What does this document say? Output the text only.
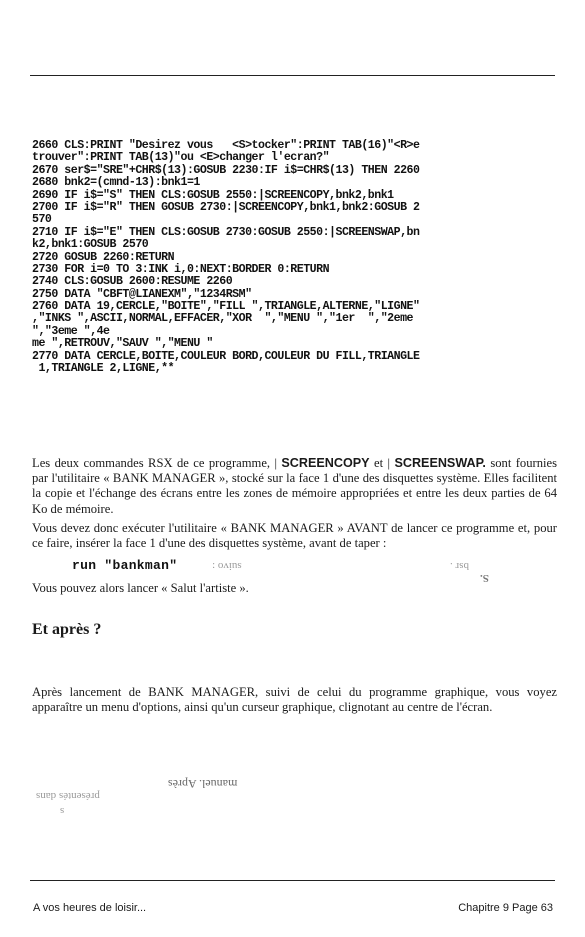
2660 CLS:PRINT "Desirez vous   <S>tocker":PRINT TAB(16)"<R>e
trouver":PRINT TAB(13)"ou <E>changer l'ecran?"
2670 ser$="SRE"+CHR$(13):GOSUB 2230:IF i$=CHR$(13) THEN 2260
2680 bnk2=(cmnd-13):bnk1=1
2690 IF i$="S" THEN CLS:GOSUB 2550:|SCREENCOPY,bnk2,bnk1
2700 IF i$="R" THEN GOSUB 2730:|SCREENCOPY,bnk1,bnk2:GOSUB 2
570
2710 IF i$="E" THEN CLS:GOSUB 2730:GOSUB 2550:|SCREENSWAP,bn
k2,bnk1:GOSUB 2570
2720 GOSUB 2260:RETURN
2730 FOR i=0 TO 3:INK i,0:NEXT:BORDER 0:RETURN
2740 CLS:GOSUB 2600:RESUME 2260
2750 DATA "CBFT@LIANEXM","1234RSM"
2760 DATA 19,CERCLE,"BOITE","FILL ",TRIANGLE,ALTERNE,"LIGNE"
,"INKS ",ASCII,NORMAL,EFFACER,"XOR  ","MENU ","1er  ","2eme
","3eme ",4e
me ",RETROUV,"SAUV ","MENU "
2770 DATA CERCLE,BOITE,COULEUR BORD,COULEUR DU FILL,TRIANGLE
1,TRIANGLE 2,LIGNE,**
Les deux commandes RSX de ce programme, | SCREENCOPY et | SCREENSWAP. sont fournies par l'utilitaire « BANK MANAGER », stocké sur la face 1 d'une des disquettes système. Elles facilitent la copie et l'échange des écrans entre les zones de mémoire appropriées et entre les deux parties de 64 Ko de mémoire.
Vous devez donc exécuter l'utilitaire « BANK MANAGER » AVANT de lancer ce programme et, pour ce faire, insérer la face 1 d'une des disquettes système, avant de taper :
run "bankman"	suivo :	bsr .
S.
Vous pouvez alors lancer « Salut l'artiste ».
Et après ?
Après lancement de BANK MANAGER, suivi de celui du programme graphique, vous voyez apparaître un menu d'options, ainsi qu'un curseur graphique, clignotant au centre de l'écran.
manuel. Après
présentés dans
s
A vos heures de loisir...	Chapitre 9 Page 63
